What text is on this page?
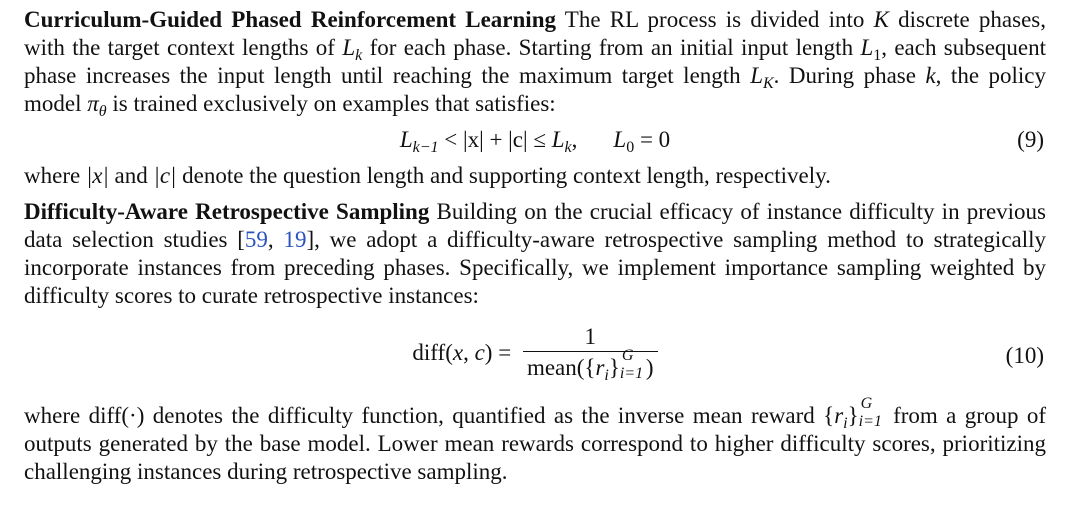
Curriculum-Guided Phased Reinforcement Learning The RL process is divided into K discrete phases, with the target context lengths of $L_k$ for each phase. Starting from an initial input length $L_1$, each subsequent phase increases the input length until reaching the maximum target length $L_K$. During phase k, the policy model $\pi_\theta$ is trained exclusively on examples that satisfies:

$L_{k-1} < |x| + |c| \le L_k$, $L_0 = 0$	(9)

where |x| and |c| denote the question length and supporting context length, respectively.

Difficulty-Aware Retrospective Sampling Building on the crucial efficacy of instance difficulty in previous data selection studies [59, 19], we adopt a difficulty-aware retrospective sampling method to strategically incorporate instances from preceding phases. Specifically, we implement importance sampling weighted by difficulty scores to curate retrospective instances:

diff(x, c) = 1
$mean(\{r_i\}$ G
i=1 )	(10)

where diff(·) denotes the difficulty function, quantified as the inverse mean reward $\{r_i\}$ G
i=1 from a group of outputs generated by the base model. Lower mean rewards correspond to higher difficulty scores, prioritizing challenging instances during retrospective sampling.
